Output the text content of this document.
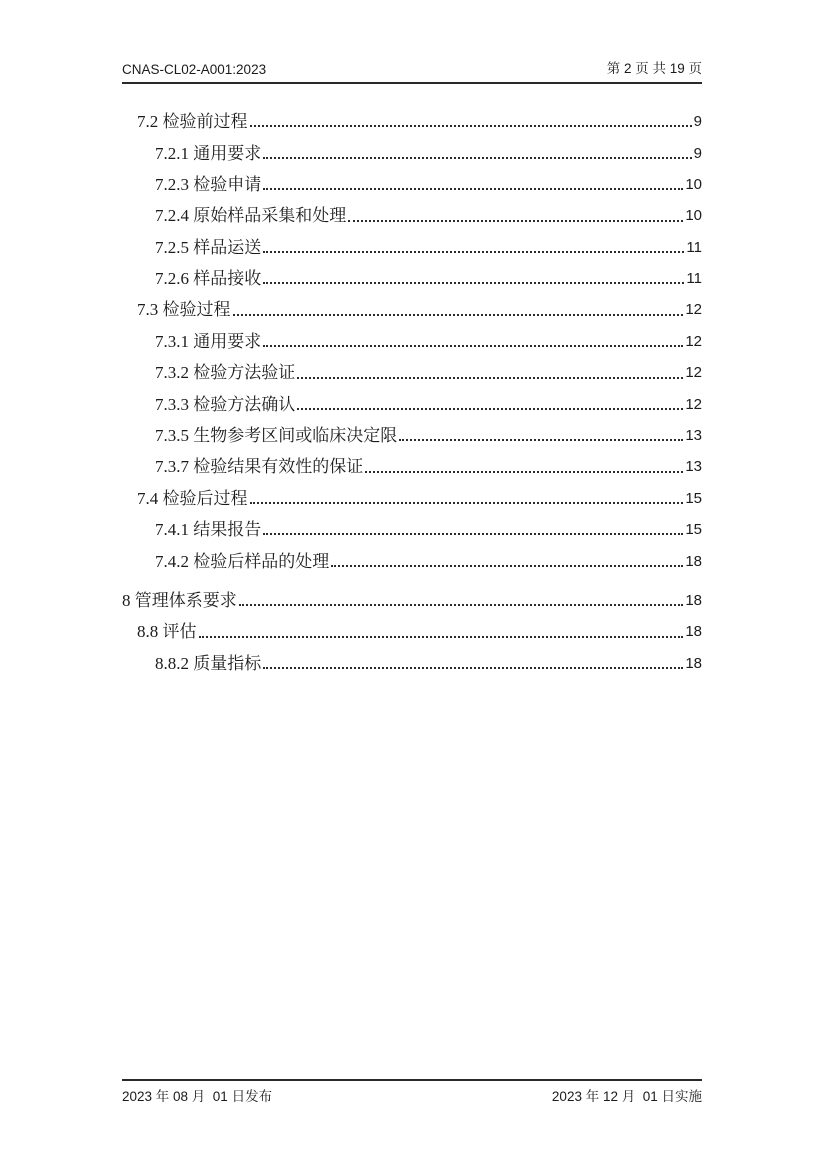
CNAS-CL02-A001:2023	第 2 页 共 19 页
7.2 检验前过程	9
7.2.1 通用要求	9
7.2.3 检验申请	10
7.2.4 原始样品采集和处理	10
7.2.5 样品运送	11
7.2.6 样品接收	11
7.3 检验过程	12
7.3.1 通用要求	12
7.3.2 检验方法验证	12
7.3.3 检验方法确认	12
7.3.5 生物参考区间或临床决定限	13
7.3.7 检验结果有效性的保证	13
7.4 检验后过程	15
7.4.1 结果报告	15
7.4.2 检验后样品的处理	18
8 管理体系要求	18
8.8 评估	18
8.8.2 质量指标	18
2023 年 08 月  01 日发布	2023 年 12 月  01 日实施
